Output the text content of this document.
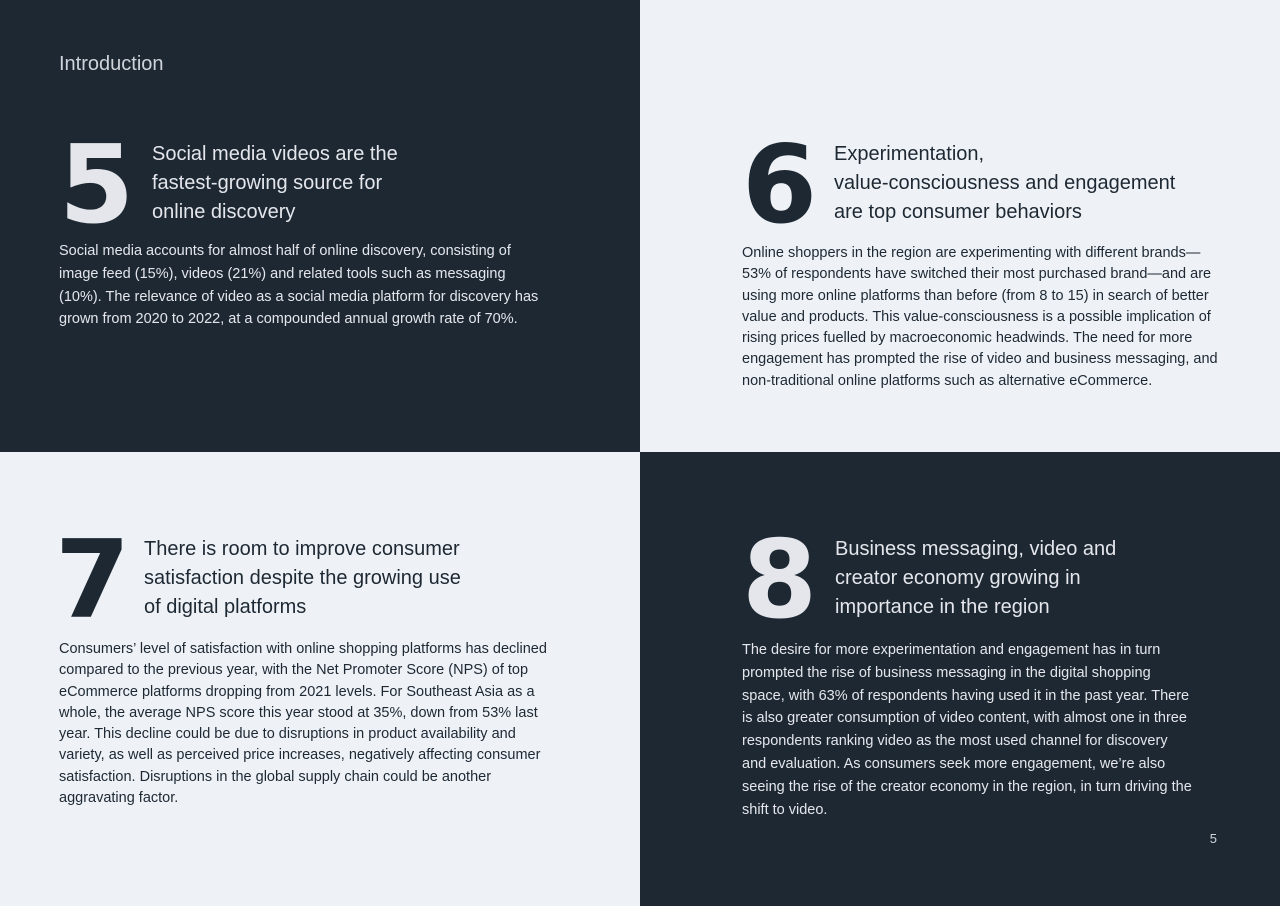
Introduction
5 Social media videos are the
fastest-growing source for
online discovery
Social media accounts for almost half of online discovery, consisting of image feed (15%), videos (21%) and related tools such as messaging (10%). The relevance of video as a social media platform for discovery has grown from 2020 to 2022, at a compounded annual growth rate of 70%.
6 Experimentation,
value-consciousness and engagement
are top consumer behaviors
Online shoppers in the region are experimenting with different brands—53% of respondents have switched their most purchased brand—and are using more online platforms than before (from 8 to 15) in search of better value and products. This value-consciousness is a possible implication of rising prices fuelled by macroeconomic headwinds. The need for more engagement has prompted the rise of video and business messaging, and non-traditional online platforms such as alternative eCommerce.
7 There is room to improve consumer
satisfaction despite the growing use
of digital platforms
Consumers’ level of satisfaction with online shopping platforms has declined compared to the previous year, with the Net Promoter Score (NPS) of top eCommerce platforms dropping from 2021 levels. For Southeast Asia as a whole, the average NPS score this year stood at 35%, down from 53% last year. This decline could be due to disruptions in product availability and variety, as well as perceived price increases, negatively affecting consumer satisfaction. Disruptions in the global supply chain could be another aggravating factor.
8 Business messaging, video and
creator economy growing in
importance in the region
The desire for more experimentation and engagement has in turn prompted the rise of business messaging in the digital shopping space, with 63% of respondents having used it in the past year. There is also greater consumption of video content, with almost one in three respondents ranking video as the most used channel for discovery and evaluation. As consumers seek more engagement, we’re also seeing the rise of the creator economy in the region, in turn driving the shift to video.
5
